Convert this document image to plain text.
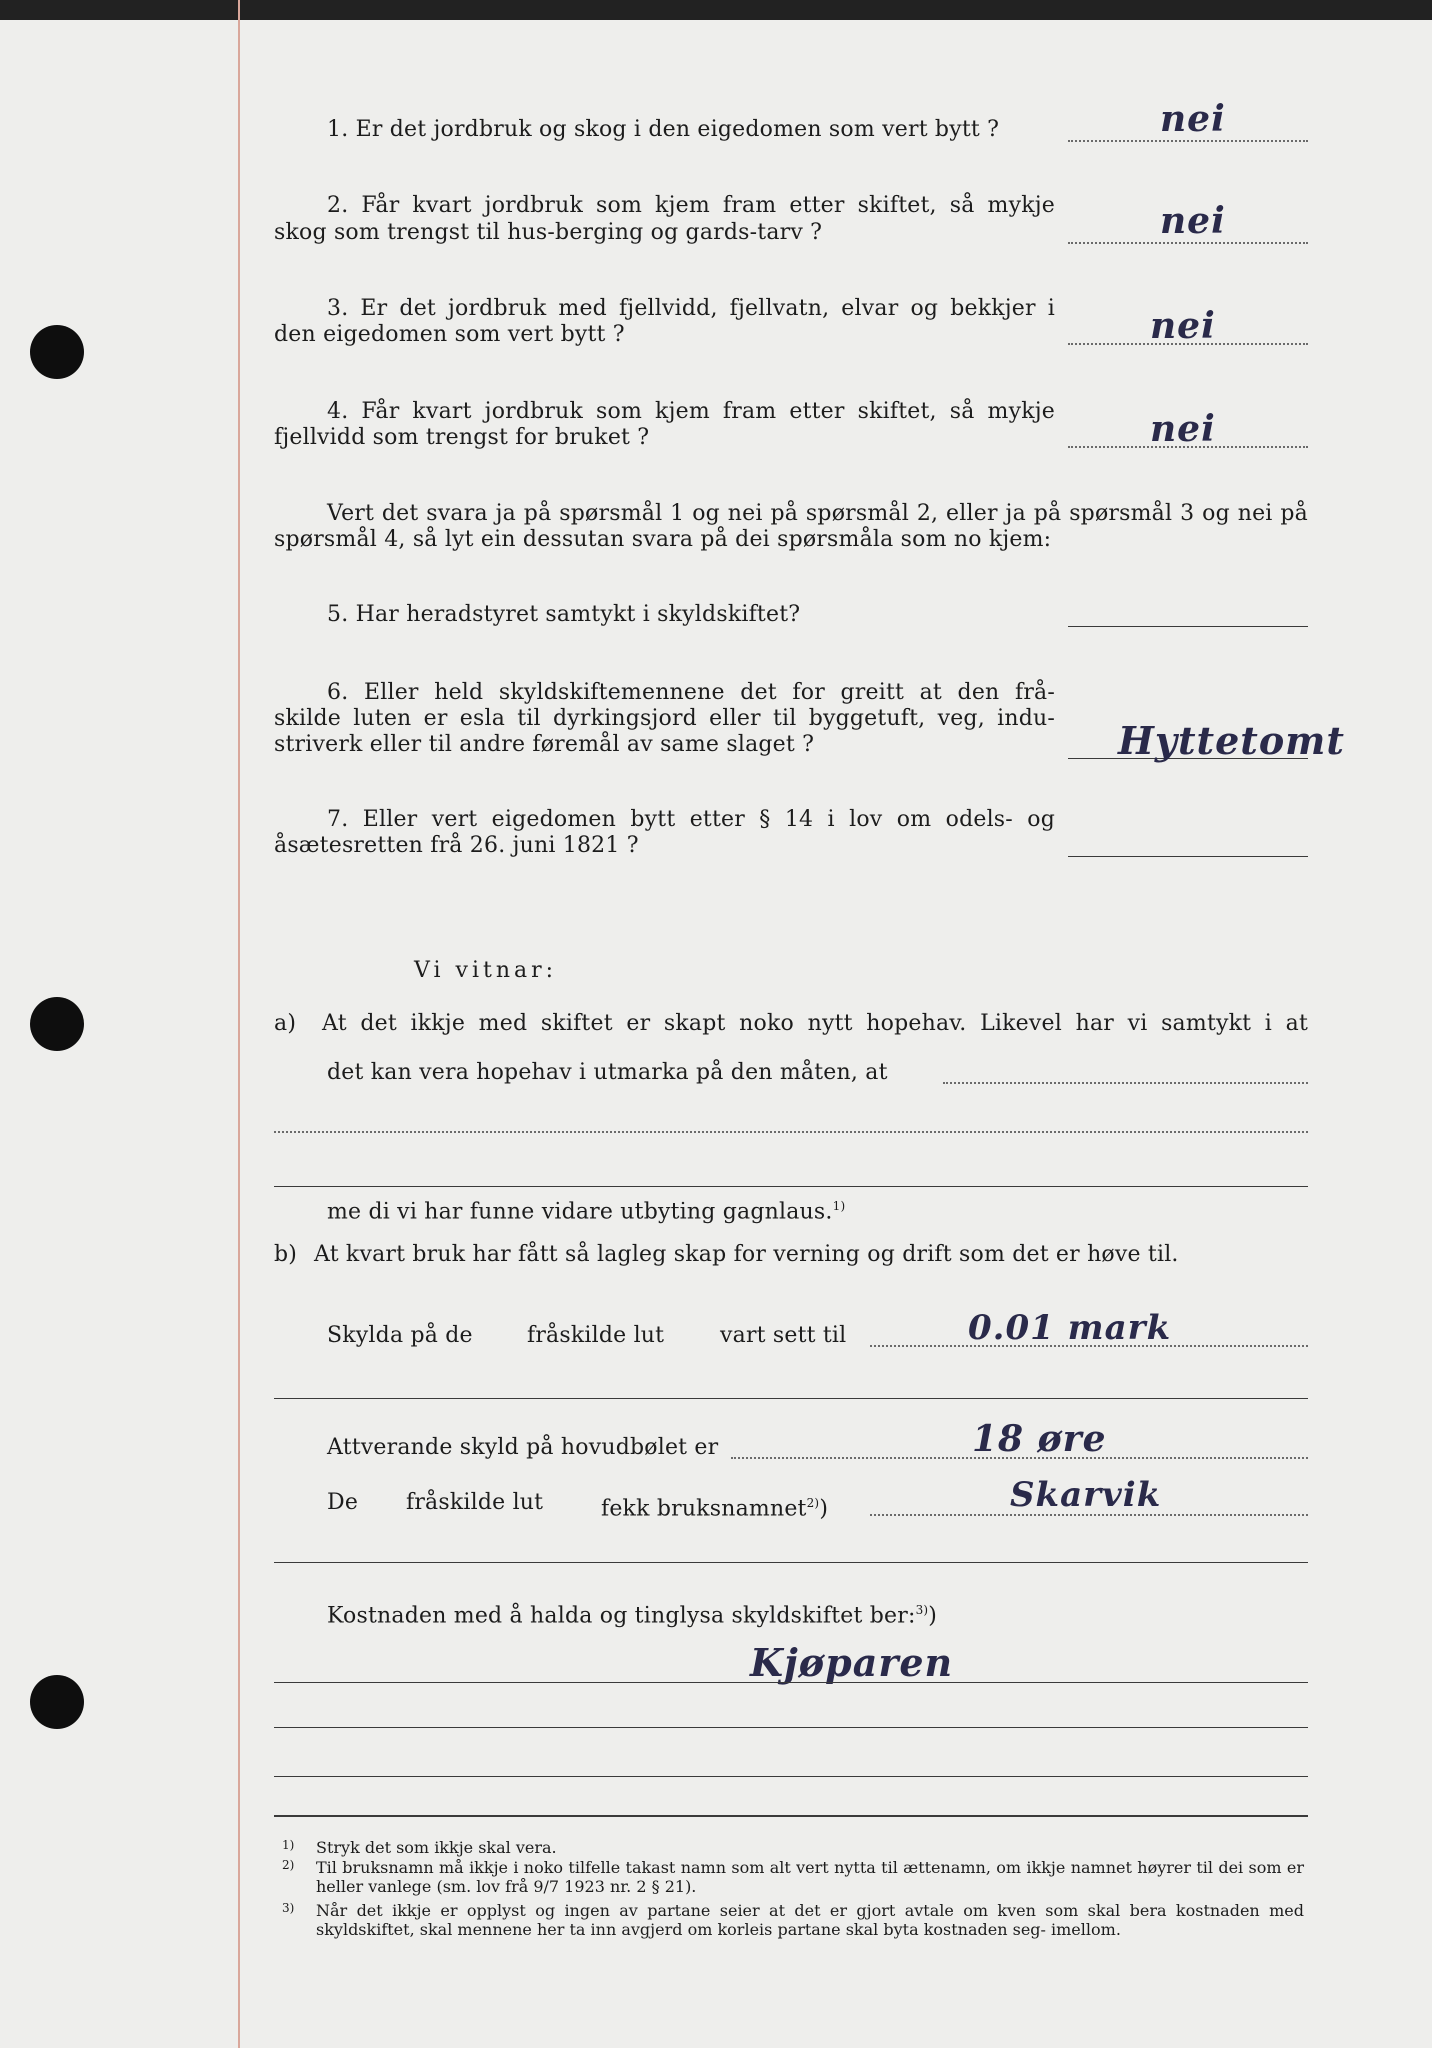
1. Er det jordbruk og skog i den eigedomen som vert bytt ?	nei
2. Får kvart jordbruk som kjem fram etter skiftet, så mykje
skog som trengst til hus-berging og gards-tarv ?	nei
3. Er det jordbruk med fjellvidd, fjellvatn, elvar og bekkjer i
den eigedomen som vert bytt ?	nei
4. Får kvart jordbruk som kjem fram etter skiftet, så mykje
fjellvidd som trengst for bruket ?	nei
Vert det svara ja på spørsmål 1 og nei på spørsmål 2, eller ja på spørsmål 3 og nei på
spørsmål 4, så lyt ein dessutan svara på dei spørsmåla som no kjem:
5. Har heradstyret samtykt i skyldskiftet?
6. Eller held skyldskiftemennene det for greitt at den frå-
skilde luten er esla til dyrkingsjord eller til byggetuft, veg, indu-
striverk eller til andre føremål av same slaget ?	Hyttetomt
7. Eller vert eigedomen bytt etter § 14 i lov om odels- og
åsætesretten frå 26. juni 1821 ?
Vi vitnar:
a) At det ikkje med skiftet er skapt noko nytt hopehav. Likevel har vi samtykt i at
det kan vera hopehav i utmarka på den måten, at
me di vi har funne vidare utbyting gagnlaus.$^{1)}$
b) At kvart bruk har fått så lagleg skap for verning og drift som det er høve til.
Skylda på de fråskilde lut	vart sett til	0.01 mark
Attverande skyld på hovudbølet er	18 øre
De fråskilde lut	fekk bruksnamnet$^{2)}$)	Skarvik
Kostnaden med å halda og tinglysa skyldskiftet ber:$^{3)}$)
Kjøparen
1)	Stryk det som ikkje skal vera.
2)	Til bruksnamn må ikkje i noko tilfelle takast namn som alt vert nytta til ættenamn, om ikkje namnet høyrer til dei som er heller vanlege (sm. lov frå 9/7 1923 nr. 2 § 21).
3)	Når det ikkje er opplyst og ingen av partane seier at det er gjort avtale om kven som skal bera kostnaden med skyldskiftet, skal mennene her ta inn avgjerd om korleis partane skal byta kostnaden seg- imellom.
